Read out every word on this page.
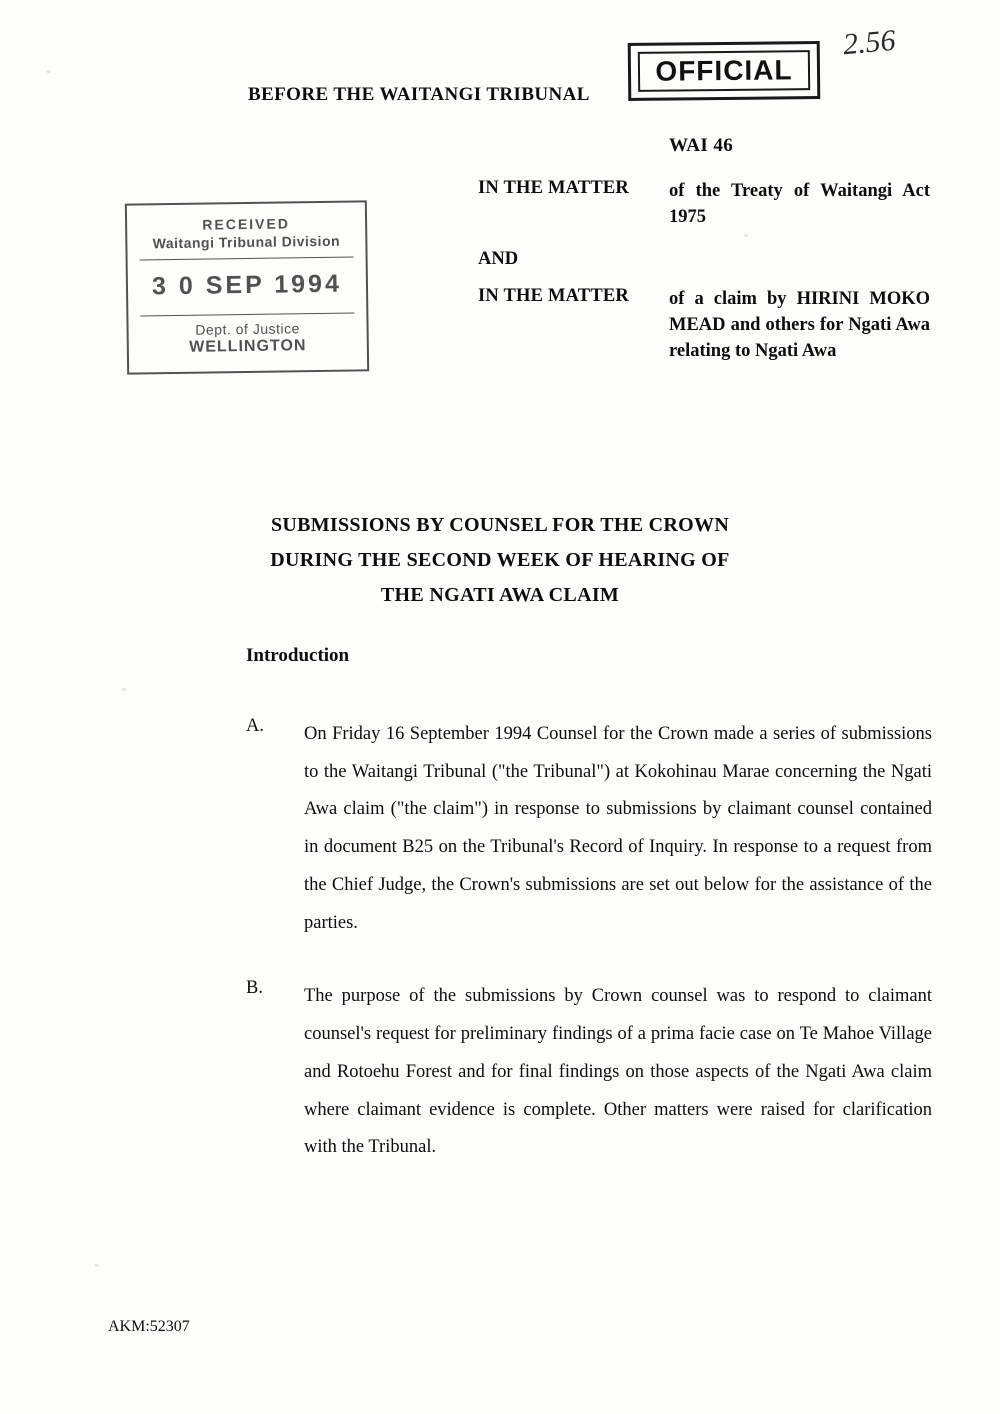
BEFORE THE WAITANGI TRIBUNAL
OFFICIAL
2.56
RECEIVED
Waitangi Tribunal Division
3 0 SEP 1994
Dept. of Justice
WELLINGTON
WAI 46
IN THE MATTER	of the Treaty of Waitangi Act 1975
AND
IN THE MATTER	of a claim by HIRINI MOKO MEAD and others for Ngati Awa relating to Ngati Awa
SUBMISSIONS BY COUNSEL FOR THE CROWN
DURING THE SECOND WEEK OF HEARING OF
THE NGATI AWA CLAIM
Introduction
A.	On Friday 16 September 1994 Counsel for the Crown made a series of submissions to the Waitangi Tribunal ("the Tribunal") at Kokohinau Marae concerning the Ngati Awa claim ("the claim") in response to submissions by claimant counsel contained in document B25 on the Tribunal's Record of Inquiry. In response to a request from the Chief Judge, the Crown's submissions are set out below for the assistance of the parties.
B.	The purpose of the submissions by Crown counsel was to respond to claimant counsel's request for preliminary findings of a prima facie case on Te Mahoe Village and Rotoehu Forest and for final findings on those aspects of the Ngati Awa claim where claimant evidence is complete. Other matters were raised for clarification with the Tribunal.
AKM:52307
